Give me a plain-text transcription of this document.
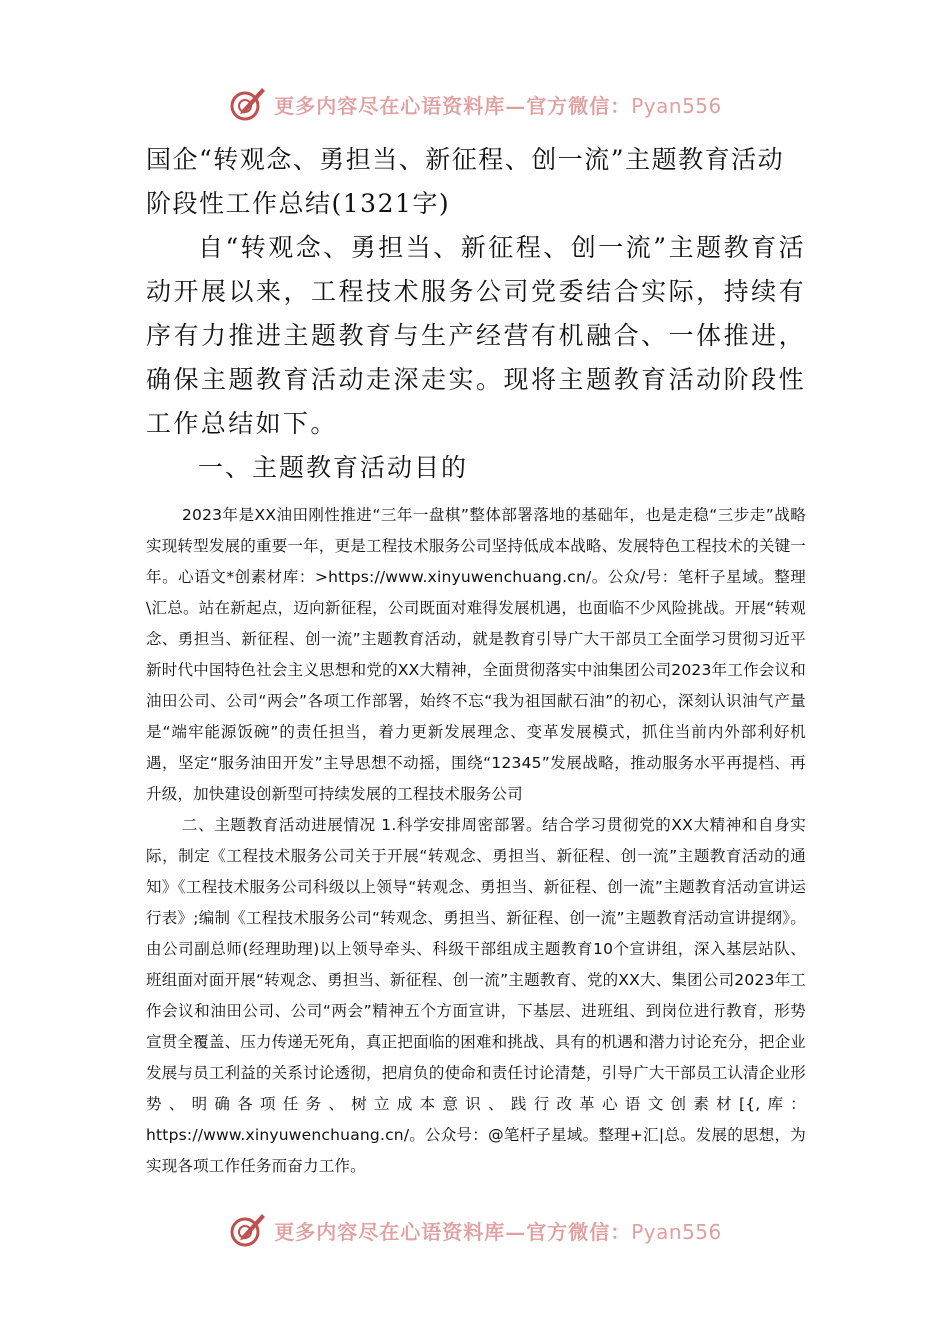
更多内容尽在心语资料库—官方微信：Pyan556

国企“转观念、勇担当、新征程、创一流”主题教育活动

阶段性工作总结(1321字)

自“转观念、勇担当、新征程、创一流”主题教育活动开展以来，工程技术服务公司党委结合实际，持续有序有力推进主题教育与生产经营有机融合、一体推进，确保主题教育活动走深走实。现将主题教育活动阶段性工作总结如下。

一、主题教育活动目的

2023年是XX油田刚性推进“三年一盘棋”整体部署落地的基础年，也是走稳“三步走”战略实现转型发展的重要一年，更是工程技术服务公司坚持低成本战略、发展特色工程技术的关键一年。心语文*创素材库：>https://www.xinyuwenchuang.cn/。公众/号：笔杆子星域。整理\汇总。站在新起点，迈向新征程，公司既面对难得发展机遇，也面临不少风险挑战。开展“转观念、勇担当、新征程、创一流”主题教育活动，就是教育引导广大干部员工全面学习贯彻习近平新时代中国特色社会主义思想和党的XX大精神，全面贯彻落实中油集团公司2023年工作会议和油田公司、公司“两会”各项工作部署，始终不忘“我为祖国献石油”的初心，深刻认识油气产量是“端牢能源饭碗”的责任担当，着力更新发展理念、变革发展模式，抓住当前内外部利好机遇，坚定“服务油田开发”主导思想不动摇，围绕“12345”发展战略，推动服务水平再提档、再升级，加快建设创新型可持续发展的工程技术服务公司

二、主题教育活动进展情况 1.科学安排周密部署。结合学习贯彻党的XX大精神和自身实际，制定《工程技术服务公司关于开展“转观念、勇担当、新征程、创一流”主题教育活动的通知》《工程技术服务公司科级以上领导“转观念、勇担当、新征程、创一流”主题教育活动宣讲运行表》;编制《工程技术服务公司“转观念、勇担当、新征程、创一流”主题教育活动宣讲提纲》。由公司副总师(经理助理)以上领导牵头、科级干部组成主题教育10个宣讲组，深入基层站队、班组面对面开展“转观念、勇担当、新征程、创一流”主题教育、党的XX大、集团公司2023年工作会议和油田公司、公司“两会”精神五个方面宣讲，下基层、进班组、到岗位进行教育，形势宣贯全覆盖、压力传递无死角，真正把面临的困难和挑战、具有的机遇和潜力讨论充分，把企业发展与员工利益的关系讨论透彻，把肩负的使命和责任讨论清楚，引导广大干部员工认清企业形势、明确各项任务、树立成本意识、践行改革心语文创素材[{,库：https://www.xinyuwenchuang.cn/。公众号：@笔杆子星域。整理+汇|总。发展的思想，为实现各项工作任务而奋力工作。

更多内容尽在心语资料库—官方微信：Pyan556
